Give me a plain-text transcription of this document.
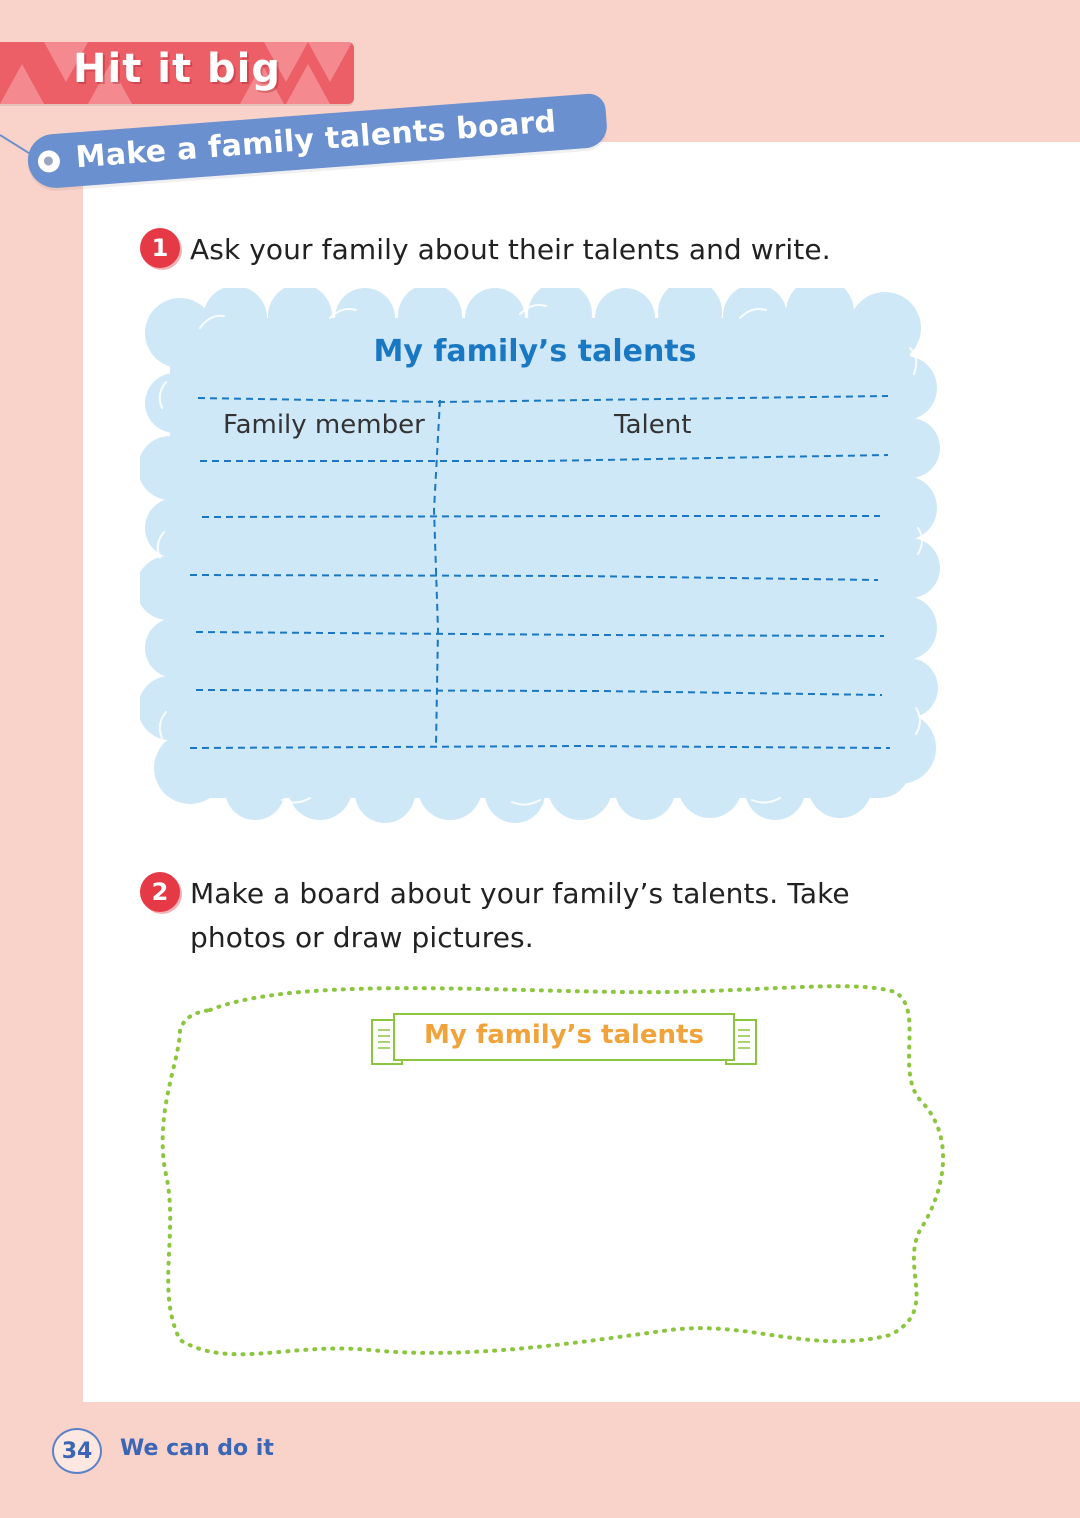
Hit it big
Make a family talents board
1 Ask your family about their talents and write.
My family’s talents
Family member	Talent
2 Make a board about your family’s talents. Take
photos or draw pictures.
My family’s talents
34	We can do it
